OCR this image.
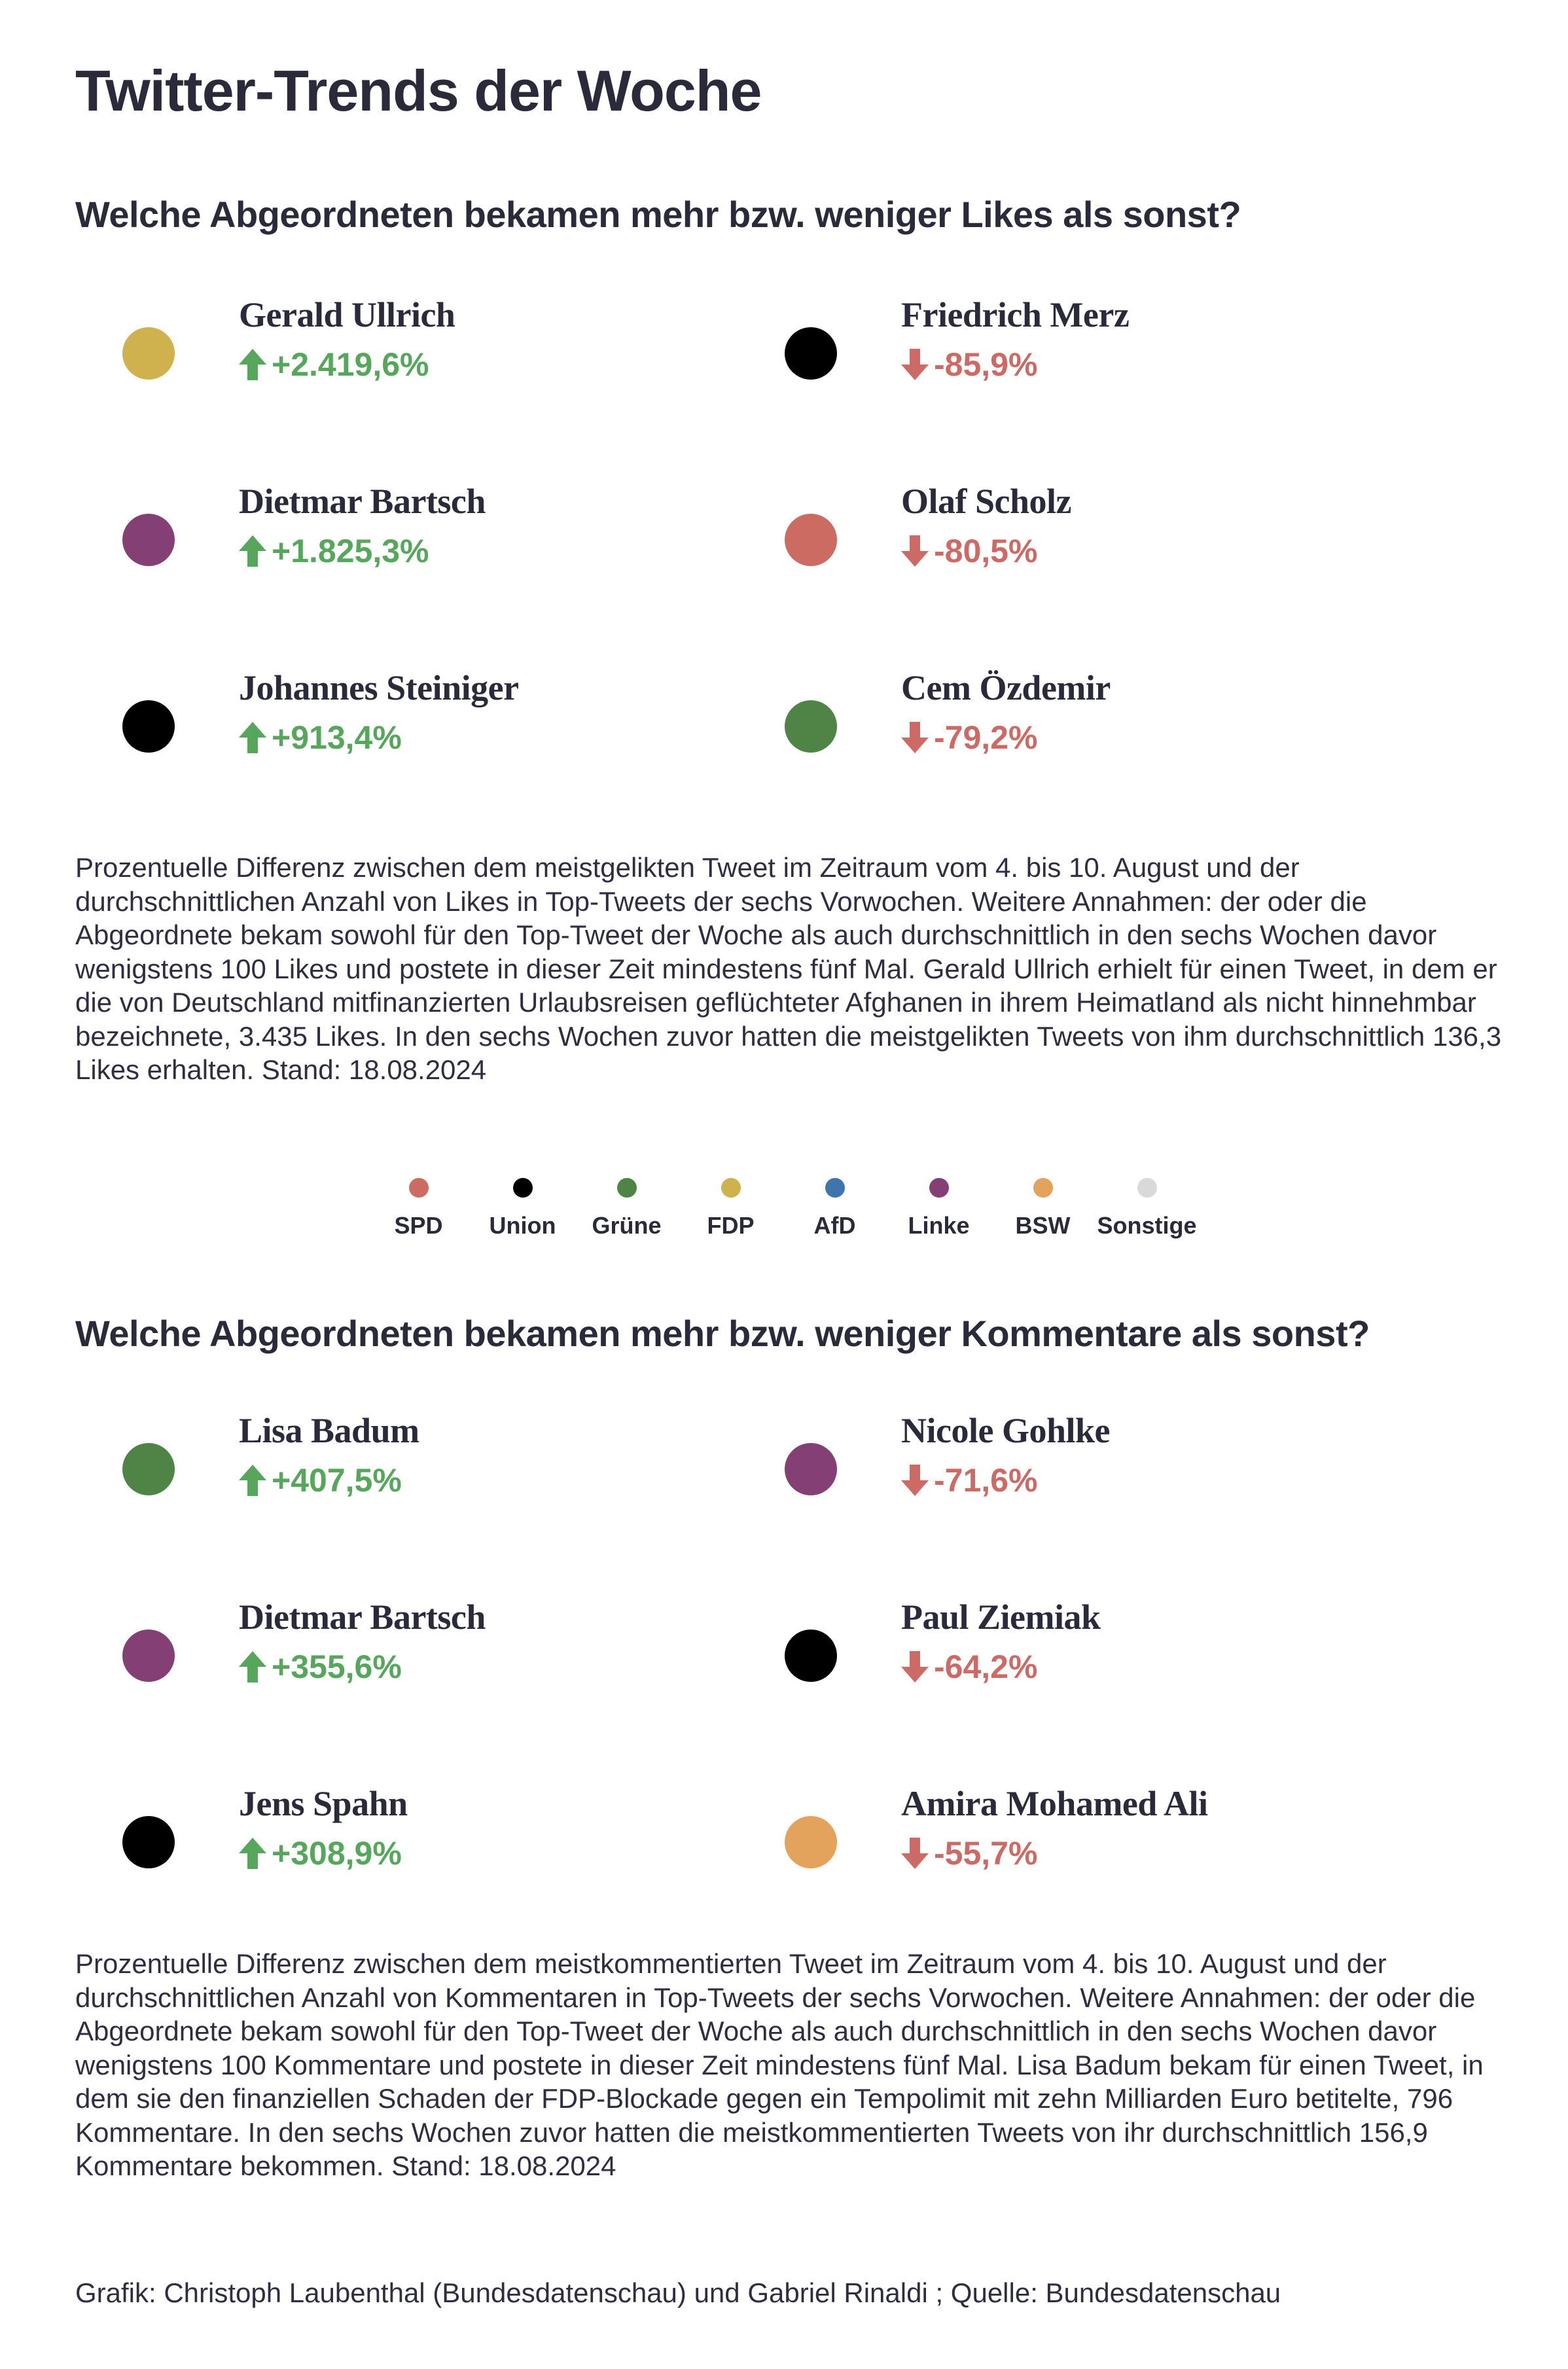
Twitter-Trends der Woche
Welche Abgeordneten bekamen mehr bzw. weniger Likes als sonst?
Gerald Ullrich
+2.419,6%
Dietmar Bartsch
+1.825,3%
Johannes Steiniger
+913,4%
Friedrich Merz
-85,9%
Olaf Scholz
-80,5%
Cem Özdemir
-79,2%

Prozentuelle Differenz zwischen dem meistgelikten Tweet im Zeitraum vom 4. bis 10. August und der durchschnittlichen Anzahl von Likes in Top-Tweets der sechs Vorwochen. Weitere Annahmen: der oder die Abgeordnete bekam sowohl für den Top-Tweet der Woche als auch durchschnittlich in den sechs Wochen davor wenigstens 100 Likes und postete in dieser Zeit mindestens fünf Mal. Gerald Ullrich erhielt für einen Tweet, in dem er die von Deutschland mitfinanzierten Urlaubsreisen geflüchteter Afghanen in ihrem Heimatland als nicht hinnehmbar bezeichnete, 3.435 Likes. In den sechs Wochen zuvor hatten die meistgelikten Tweets von ihm durchschnittlich 136,3 Likes erhalten. Stand: 18.08.2024

SPD Union Grüne FDP	AfD Linke BSW Sonstige
Welche Abgeordneten bekamen mehr bzw. weniger Kommentare als sonst?
Lisa Badum
+407,5%
Dietmar Bartsch
+355,6%
Jens Spahn
+308,9%
Nicole Gohlke
-71,6%
Paul Ziemiak
-64,2%
Amira Mohamed Ali
-55,7%

Prozentuelle Differenz zwischen dem meistkommentierten Tweet im Zeitraum vom 4. bis 10. August und der durchschnittlichen Anzahl von Kommentaren in Top-Tweets der sechs Vorwochen. Weitere Annahmen: der oder die Abgeordnete bekam sowohl für den Top-Tweet der Woche als auch durchschnittlich in den sechs Wochen davor wenigstens 100 Kommentare und postete in dieser Zeit mindestens fünf Mal. Lisa Badum bekam für einen Tweet, in dem sie den finanziellen Schaden der FDP-Blockade gegen ein Tempolimit mit zehn Milliarden Euro betitelte, 796 Kommentare. In den sechs Wochen zuvor hatten die meistkommentierten Tweets von ihr durchschnittlich 156,9 Kommentare bekommen. Stand: 18.08.2024

Grafik: Christoph Laubenthal (Bundesdatenschau) und Gabriel Rinaldi ; Quelle: Bundesdatenschau
